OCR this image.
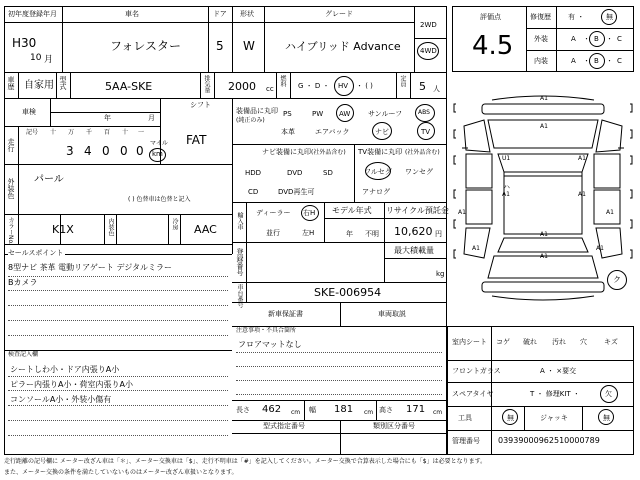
初年度登録年月	車名	ドア 形状	グレード
2WD
4WD
H30
10 月
フォレスター	5 W	ハイブリッド Advance
車歴 自家用 型式	5AA-SKE	排気量 2000 cc
燃料 G ・ D ・ HV ・ ( )	定員 5 人
車検
年	月
シフト
FAT
走行
記号 十 万 千 百 十 一
3 4 0 0 0
マイル
km
外装色 パール
( ) 色替車は色替と記入
カラーNo.	K1X	内装色	冷房 AAC
装備品に丸印
(純正のみ)
PS	PW AW	サンルーフ	ABS
本革	エアバック	ナビ	TV
ナビ装備に丸印 (社外品含む)
HDD	DVD	SD
CD	DVD再生可
TV装備に丸印 (社外品含む)
フルセグ ワンセグ
アナログ
輸入車 ディーラー 右H
並行	左H
モデル年式
年 不明
リサイクル預託金
10,620 円
登録番号	最大積載量
kg
車台番号	SKE-006954
セールスポイント
8型ナビ 茶革 電動リアゲート デジタルミラー
Bカメラ
新車保証書	車両取説
検査記入欄
シートしわ小・ドア内張りA小
ピラー内張りA小・荷室内張りA小
コンソールA小・外装小傷有
注意事項・不具合箇所
フロアマットなし
長さ 462 cm 幅 181 cm 高さ 171 cm
型式指定番号	類別区分番号
評価点
4.5
修復歴 有 ・	無
外装	A ・ B ・ C
内装	A ・ B ・ C
A1
A1
U1	A1
A1	A1
A1
A1
A1	A1
A1	A1
ク
ハ
室内シート コゲ 破れ 汚れ 穴 キズ
フロントガラス	A ・ ×要交
スペアタイヤ	T ・ 修理KIT ・	欠
工具	無	ジャッキ	無
管理番号 03939000962510000789
走行距離の記号欄に メーター改ざん車は「＊」、メーター交換車は「$」、走行不明車は「#」を記入してください。メーター交換で合算表示した場合にも「$」は必要となります。
また、メーター交換の条件を満たしていないものはメーター改ざん車扱いとなります。
